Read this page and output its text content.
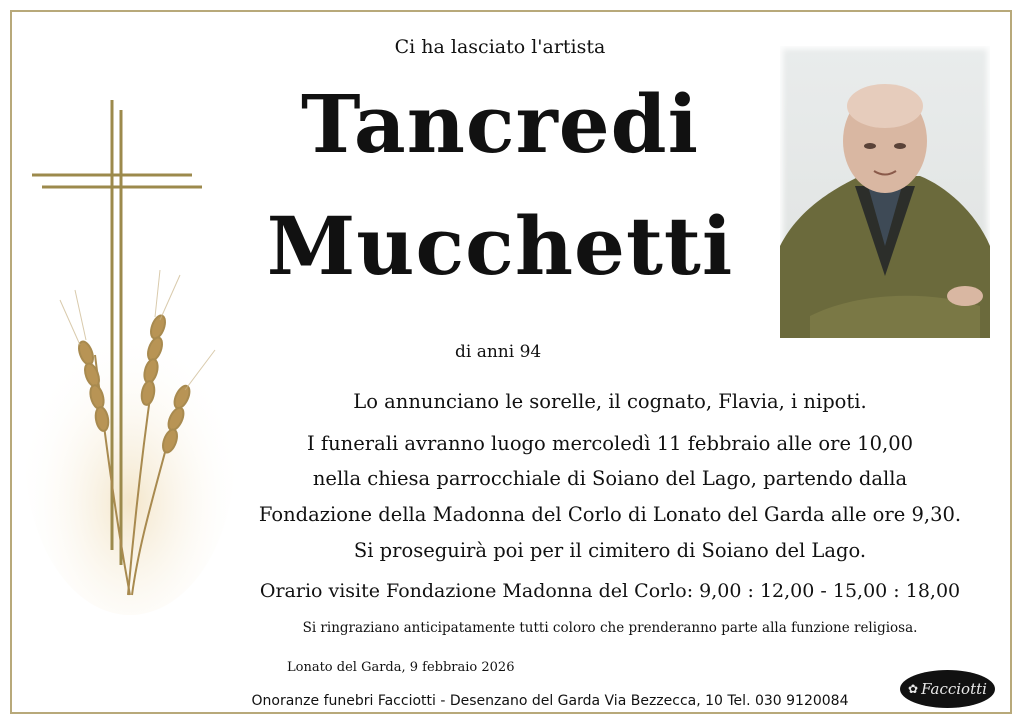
Ci ha lasciato l'artista
Tancredi
Mucchetti
di anni 94
Lo annunciano le sorelle, il cognato, Flavia, i nipoti.
I funerali avranno luogo mercoledì 11 febbraio alle ore 10,00
nella chiesa parrocchiale di Soiano del Lago, partendo dalla
Fondazione della Madonna del Corlo di Lonato del Garda alle ore 9,30.
Si proseguirà poi per il cimitero di Soiano del Lago.
Orario visite Fondazione Madonna del Corlo: 9,00 : 12,00 - 15,00 : 18,00
Si ringraziano anticipatamente tutti coloro che prenderanno parte alla funzione religiosa.
Lonato del Garda, 9 febbraio 2026
Onoranze funebri Facciotti - Desenzano del Garda Via Bezzecca, 10 Tel. 030 9120084
✿ Facciotti
